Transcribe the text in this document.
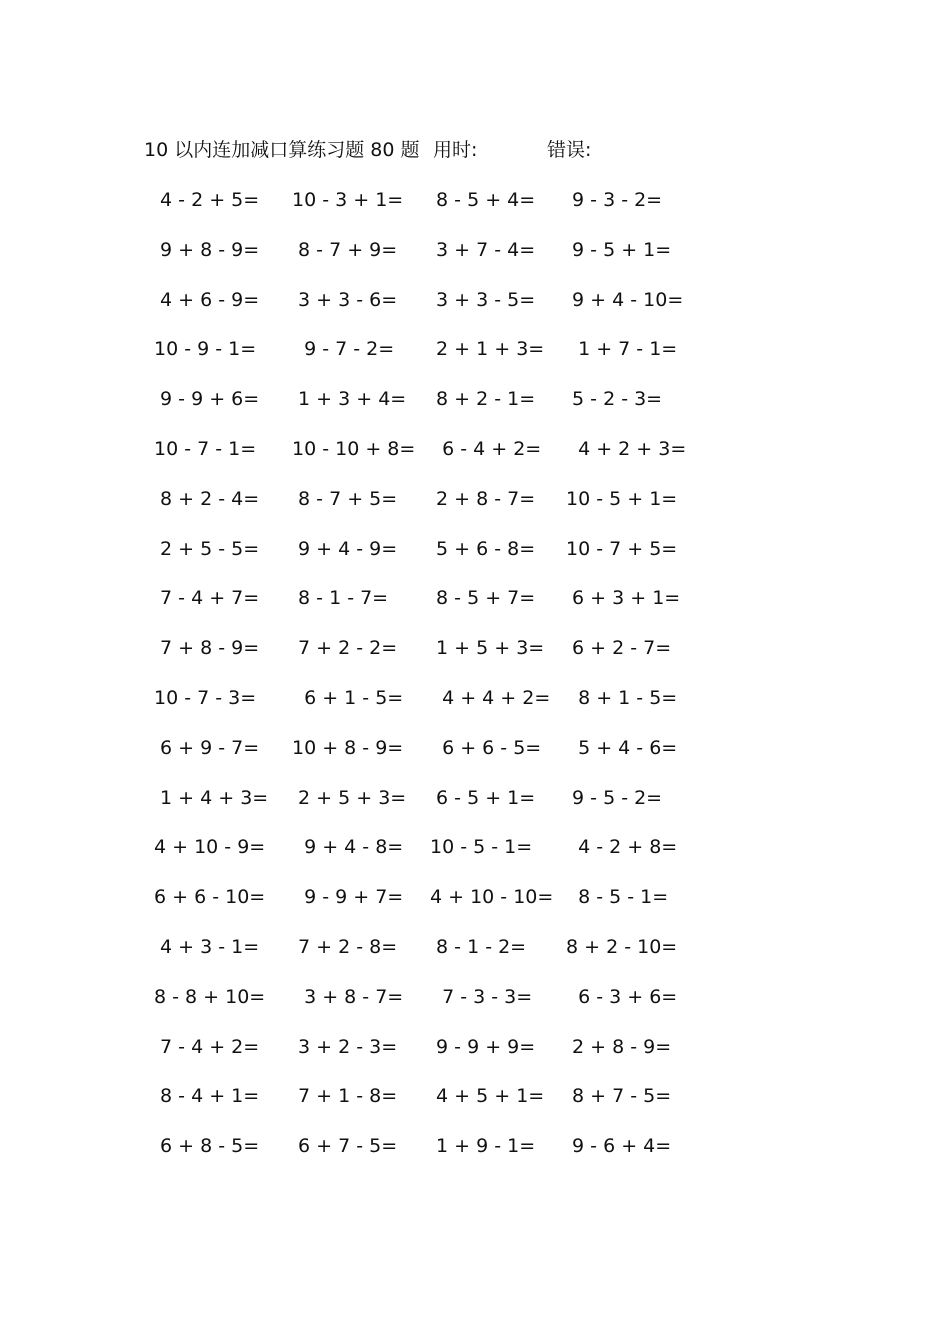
10 以内连加减口算练习题 80 题 用时:	错误:
4 - 2 + 5= 10 - 3 + 1= 8 - 5 + 4= 9 - 3 - 2=
9 + 8 - 9= 8 - 7 + 9= 3 + 7 - 4= 9 - 5 + 1=
4 + 6 - 9= 3 + 3 - 6= 3 + 3 - 5= 9 + 4 - 10=
10 - 9 - 1= 9 - 7 - 2= 2 + 1 + 3= 1 + 7 - 1=
9 - 9 + 6= 1 + 3 + 4= 8 + 2 - 1= 5 - 2 - 3=
10 - 7 - 1= 10 - 10 + 8= 6 - 4 + 2= 4 + 2 + 3=
8 + 2 - 4= 8 - 7 + 5= 2 + 8 - 7= 10 - 5 + 1=
2 + 5 - 5= 9 + 4 - 9= 5 + 6 - 8= 10 - 7 + 5=
7 - 4 + 7= 8 - 1 - 7= 8 - 5 + 7= 6 + 3 + 1=
7 + 8 - 9= 7 + 2 - 2= 1 + 5 + 3= 6 + 2 - 7=
10 - 7 - 3= 6 + 1 - 5= 4 + 4 + 2= 8 + 1 - 5=
6 + 9 - 7= 10 + 8 - 9= 6 + 6 - 5= 5 + 4 - 6=
1 + 4 + 3= 2 + 5 + 3= 6 - 5 + 1= 9 - 5 - 2=
4 + 10 - 9= 9 + 4 - 8= 10 - 5 - 1= 4 - 2 + 8=
6 + 6 - 10= 9 - 9 + 7= 4 + 10 - 10= 8 - 5 - 1=
4 + 3 - 1= 7 + 2 - 8= 8 - 1 - 2= 8 + 2 - 10=
8 - 8 + 10= 3 + 8 - 7= 7 - 3 - 3= 6 - 3 + 6=
7 - 4 + 2= 3 + 2 - 3= 9 - 9 + 9= 2 + 8 - 9=
8 - 4 + 1= 7 + 1 - 8= 4 + 5 + 1= 8 + 7 - 5=
6 + 8 - 5= 6 + 7 - 5= 1 + 9 - 1= 9 - 6 + 4=
